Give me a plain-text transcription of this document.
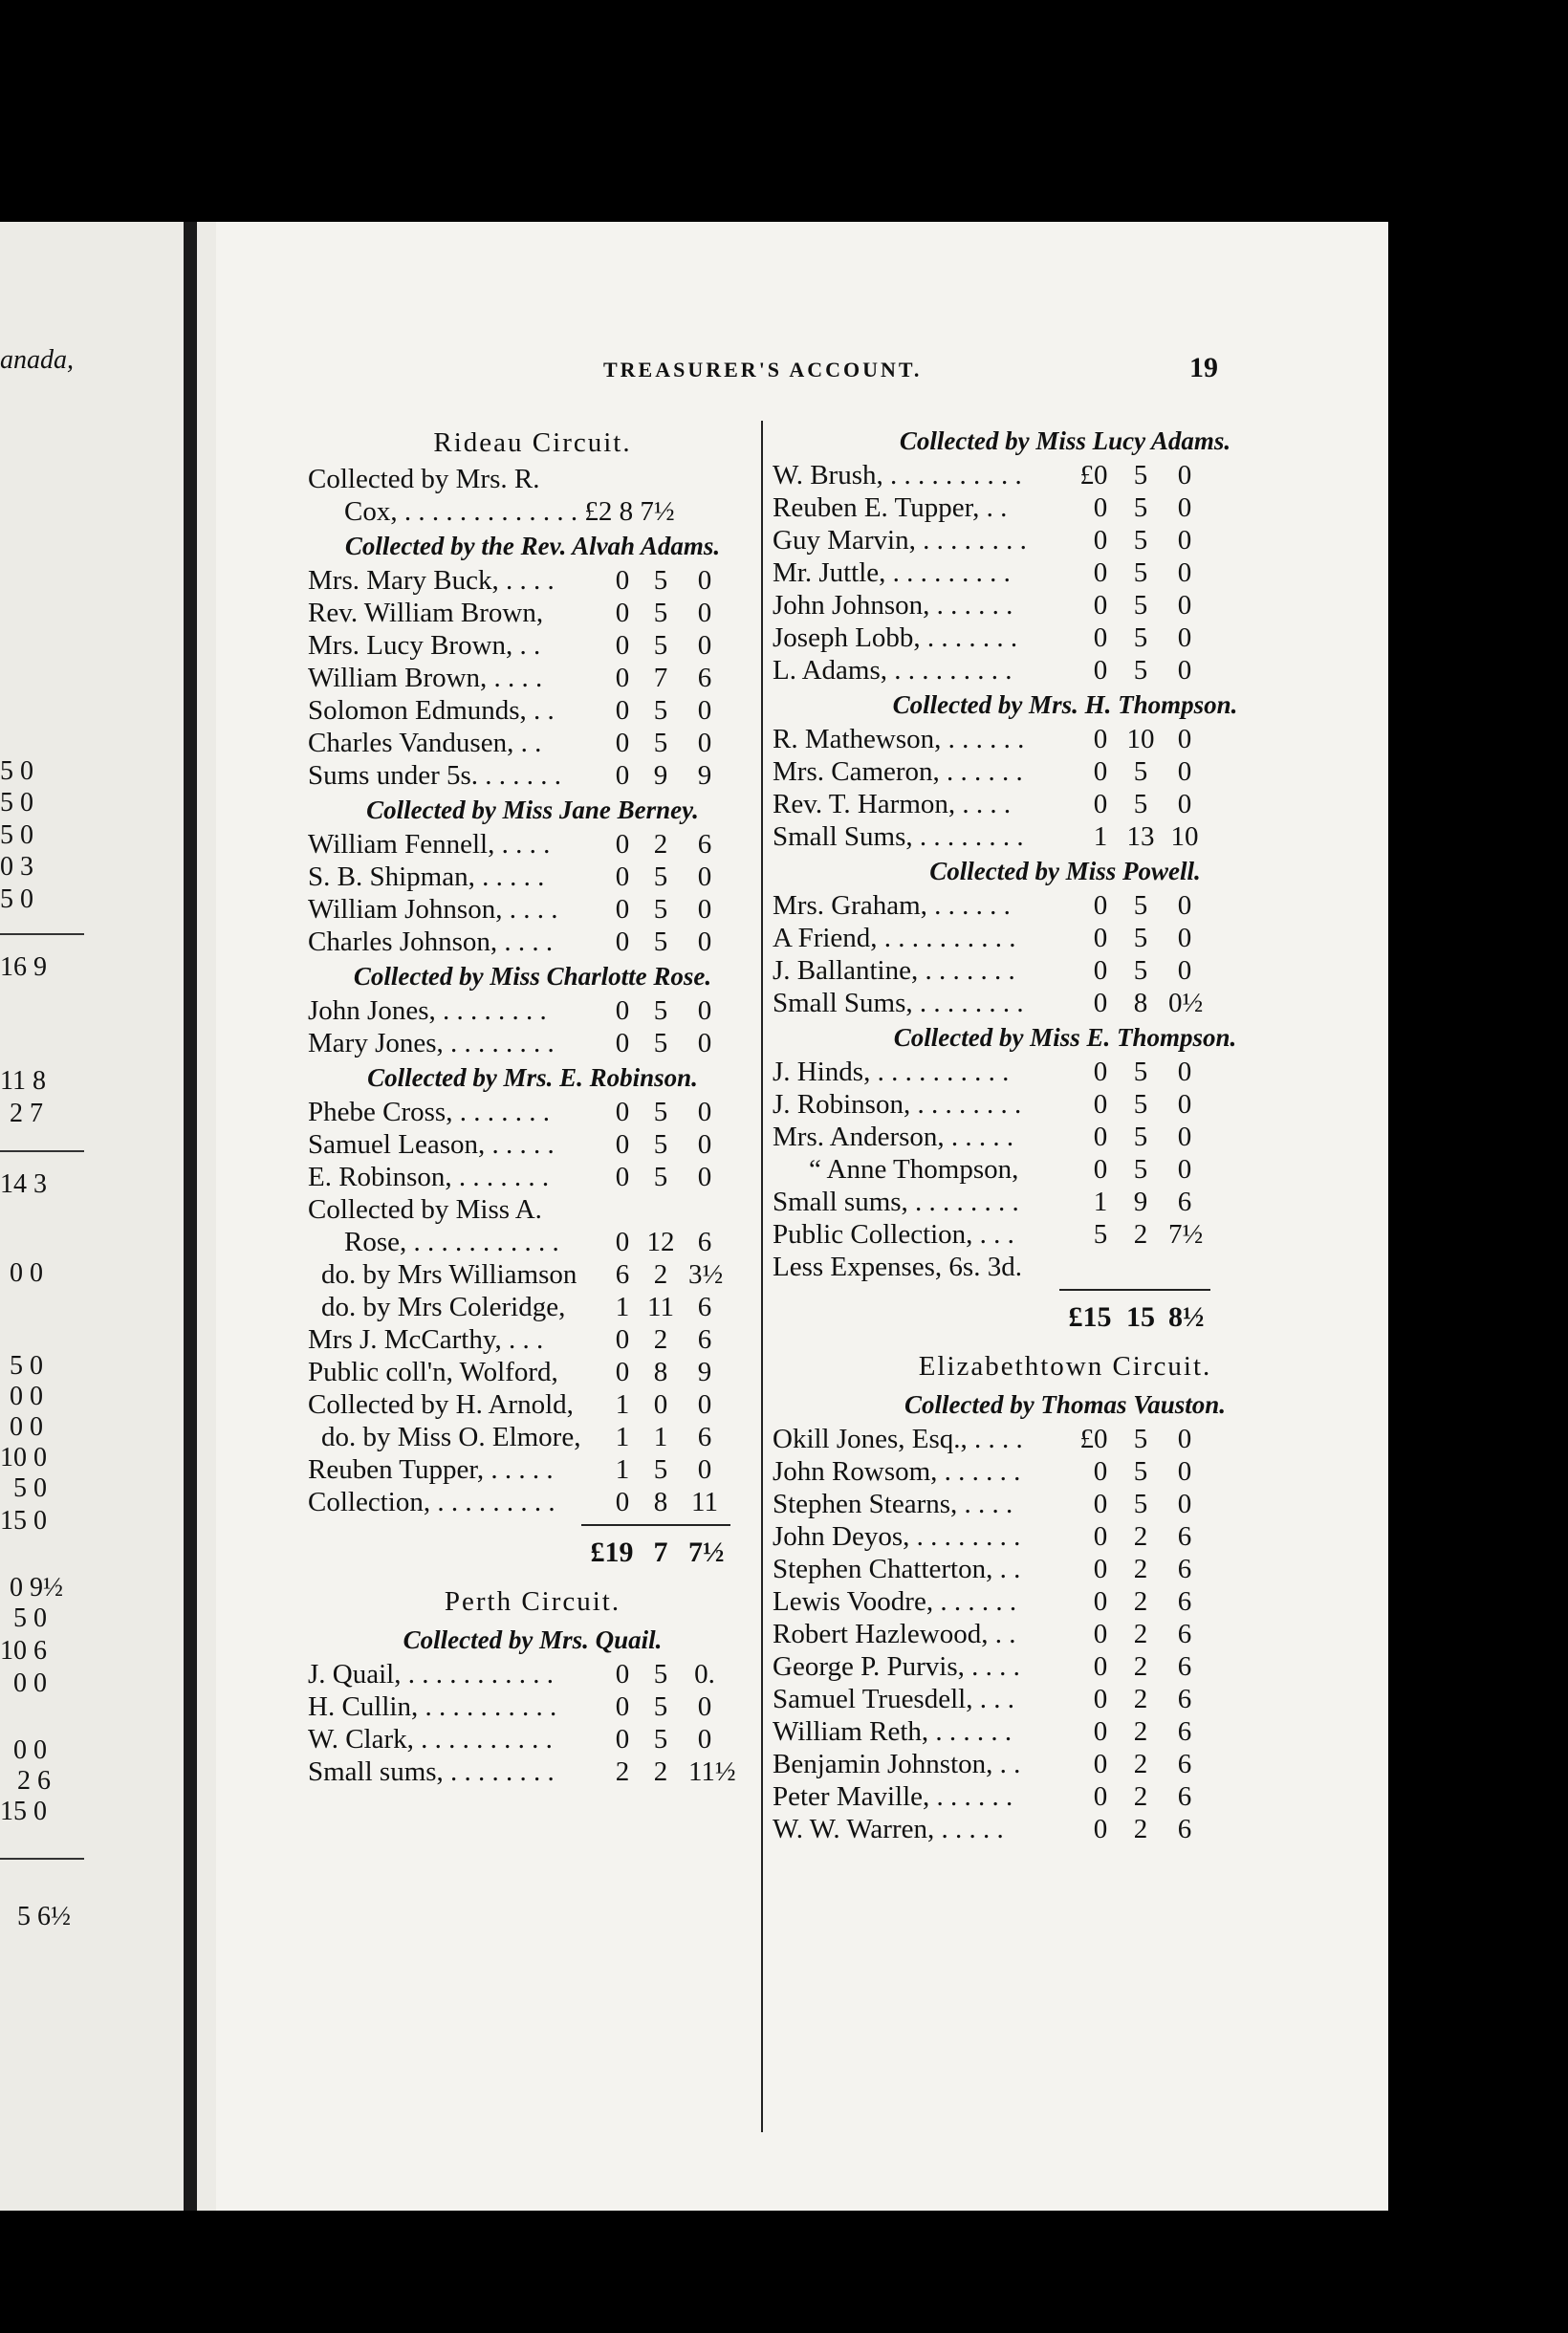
anada,
5 0
5 0
5 0
0 3
5 0
16 9
11 8
2 7
14 3
0 0
5 0
0 0
0 0
10 0
5 0
15 0
0 9½
5 0
10 6
0 0
0 0
2 6
15 0
5 6½
TREASURER'S ACCOUNT.	19
Rideau Circuit.
Collected by Mrs. R.
Cox, . . . . . . . . . . . . . £2 8 7½
Collected by the Rev. Alvah Adams.
Mrs. Mary Buck, . . . .	0 5	0
Rev. William Brown,	0 5	0
Mrs. Lucy Brown, . .	0 5	0
William Brown, . . . .	0 7	6
Solomon Edmunds, . .	0 5	0
Charles Vandusen, . .	0 5	0
Sums under 5s. . . . . . .	0 9	9
Collected by Miss Jane Berney.
William Fennell, . . . .	0 2	6
S. B. Shipman, . . . . .	0 5	0
William Johnson, . . . .	0 5	0
Charles Johnson, . . . .	0 5	0
Collected by Miss Charlotte Rose.
John Jones, . . . . . . . .	0 5	0
Mary Jones, . . . . . . . .	0 5	0
Collected by Mrs. E. Robinson.
Phebe Cross, . . . . . . .	0 5	0
Samuel Leason, . . . . .	0 5	0
E. Robinson, . . . . . . .	0 5	0
Collected by Miss A.
Rose, . . . . . . . . . . .	0 12 6
do. by Mrs Williamson	6 2 3½
do. by Mrs Coleridge,	1 11 6
Mrs J. McCarthy, . . .	0 2	6
Public coll'n, Wolford,	0 8	9
Collected by H. Arnold,	1 0	0
do. by Miss O. Elmore,	1 1	6
Reuben Tupper, . . . . .	1 5	0
Collection, . . . . . . . . .	0 8 11
£19 7 7½
Perth Circuit.
Collected by Mrs. Quail.
J. Quail, . . . . . . . . . . .	0 5 0.
H. Cullin, . . . . . . . . . .	0 5	0
W. Clark, . . . . . . . . . .	0 5	0
Small sums, . . . . . . . .	2 2 11½
Collected by Miss Lucy Adams.
W. Brush, . . . . . . . . . .	£0 5	0
Reuben E. Tupper, . .	0 5	0
Guy Marvin, . . . . . . . .	0 5	0
Mr. Juttle, . . . . . . . . .	0 5	0
John Johnson, . . . . . .	0 5	0
Joseph Lobb, . . . . . . .	0 5	0
L. Adams, . . . . . . . . .	0 5	0
Collected by Mrs. H. Thompson.
R. Mathewson, . . . . . .	0 10 0
Mrs. Cameron, . . . . . .	0 5	0
Rev. T. Harmon, . . . .	0 5	0
Small Sums, . . . . . . . .	1 13 10
Collected by Miss Powell.
Mrs. Graham, . . . . . .	0 5	0
A Friend, . . . . . . . . . .	0 5	0
J. Ballantine, . . . . . . .	0 5	0
Small Sums, . . . . . . . .	0 8 0½
Collected by Miss E. Thompson.
J. Hinds, . . . . . . . . . .	0 5	0
J. Robinson, . . . . . . . .	0 5	0
Mrs. Anderson, . . . . .	0 5	0
“ Anne Thompson,	0 5	0
Small sums, . . . . . . . .	1 9	6
Public Collection, . . .	5 2 7½
Less Expenses, 6s. 3d.
£15 15 8½
Elizabethtown Circuit.
Collected by Thomas Vauston.
Okill Jones, Esq., . . . .	£0 5	0
John Rowsom, . . . . . .	0 5	0
Stephen Stearns, . . . .	0 5	0
John Deyos, . . . . . . . .	0 2	6
Stephen Chatterton, . .	0 2	6
Lewis Voodre, . . . . . .	0 2	6
Robert Hazlewood, . .	0 2	6
George P. Purvis, . . . .	0 2	6
Samuel Truesdell, . . .	0 2	6
William Reth, . . . . . .	0 2	6
Benjamin Johnston, . .	0 2	6
Peter Maville, . . . . . .	0 2	6
W. W. Warren, . . . . .	0 2	6
